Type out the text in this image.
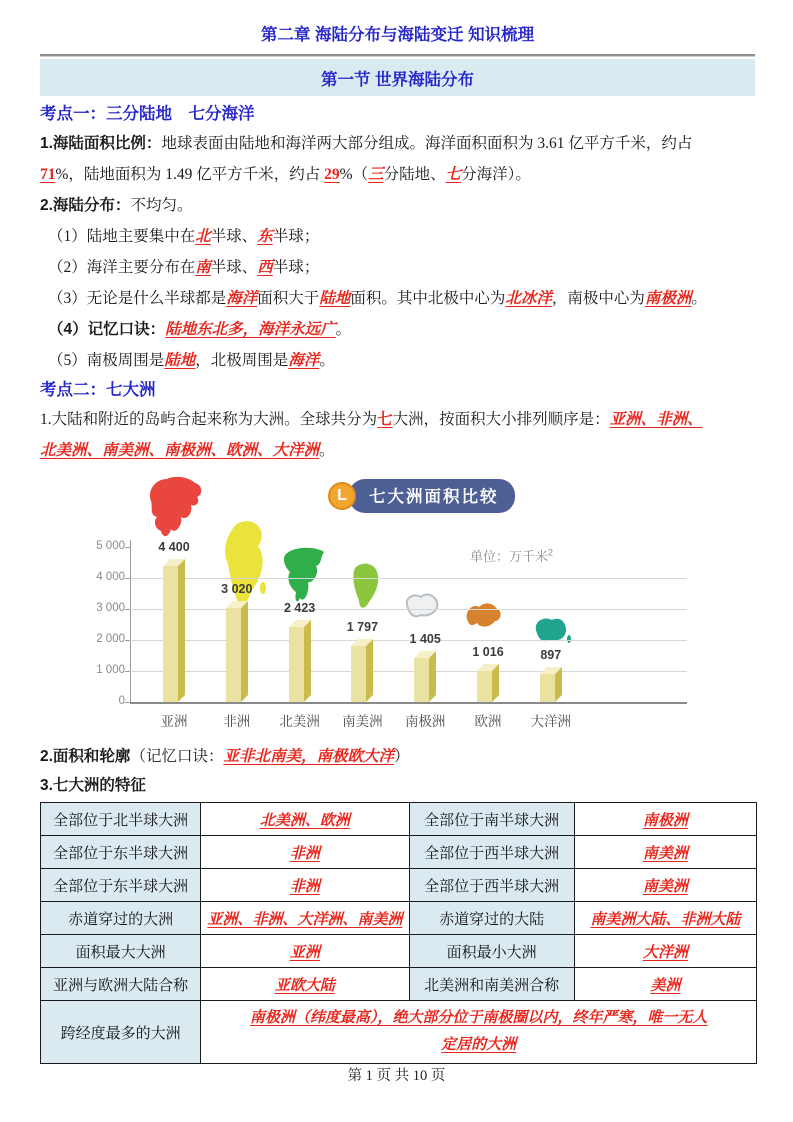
第二章 海陆分布与海陆变迁 知识梳理
第一节 世界海陆分布
考点一：三分陆地　七分海洋
1.海陆面积比例：地球表面由陆地和海洋两大部分组成。海洋面积面积为 3.61 亿平方千米，约占
71%，陆地面积为 1.49 亿平方千米，约占 29%（三分陆地、七分海洋）。
2.海陆分布：不均匀。
（1）陆地主要集中在北半球、东半球；
（2）海洋主要分布在南半球、西半球；
（3）无论是什么半球都是海洋面积大于陆地面积。其中北极中心为北冰洋，南极中心为南极洲。
（4）记忆口诀：陆地东北多，海洋永远广。
（5）南极周围是陆地，北极周围是海洋。
考点二：七大洲
1.大陆和附近的岛屿合起来称为大洲。全球共分为七大洲，按面积大小排列顺序是：亚洲、非洲、
北美洲、南美洲、南极洲、欧洲、大洋洲。
L	七大洲面积比较
单位：万千米$^2$
5 000
4 000
3 000
2 000
1 000
0
4 400
亚洲
3 020
非洲
2 423
北美洲
1 797
南美洲
1 405
南极洲
1 016
欧洲
897
大洋洲
2.面积和轮廓（记忆口诀：亚非北南美，南极欧大洋）
3.七大洲的特征
全部位于北半球大洲	北美洲、欧洲	全部位于南半球大洲	南极洲
全部位于东半球大洲	非洲	全部位于西半球大洲	南美洲
全部位于东半球大洲	非洲	全部位于西半球大洲	南美洲
赤道穿过的大洲	亚洲、非洲、大洋洲、南美洲	赤道穿过的大陆	南美洲大陆、非洲大陆
面积最大大洲	亚洲	面积最小大洲	大洋洲
亚洲与欧洲大陆合称	亚欧大陆	北美洲和南美洲合称	美洲
跨经度最多的大洲	南极洲（纬度最高），绝大部分位于南极圈以内，终年严寒，唯一无人定居的大洲		
第 1 页 共 10 页
